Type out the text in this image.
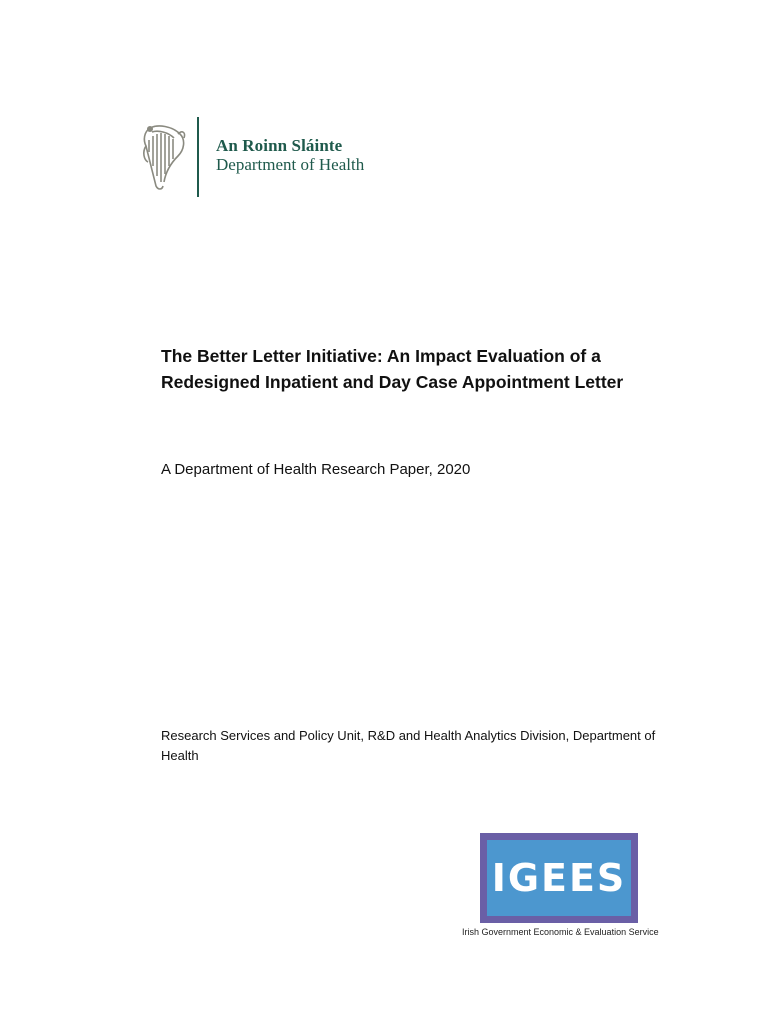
An Roinn Sláinte
Department of Health
The Better Letter Initiative: An Impact Evaluation of a
Redesigned Inpatient and Day Case Appointment Letter
A Department of Health Research Paper, 2020
Research Services and Policy Unit, R&D and Health Analytics Division, Department of
Health
IGEES
Irish Government Economic & Evaluation Service
